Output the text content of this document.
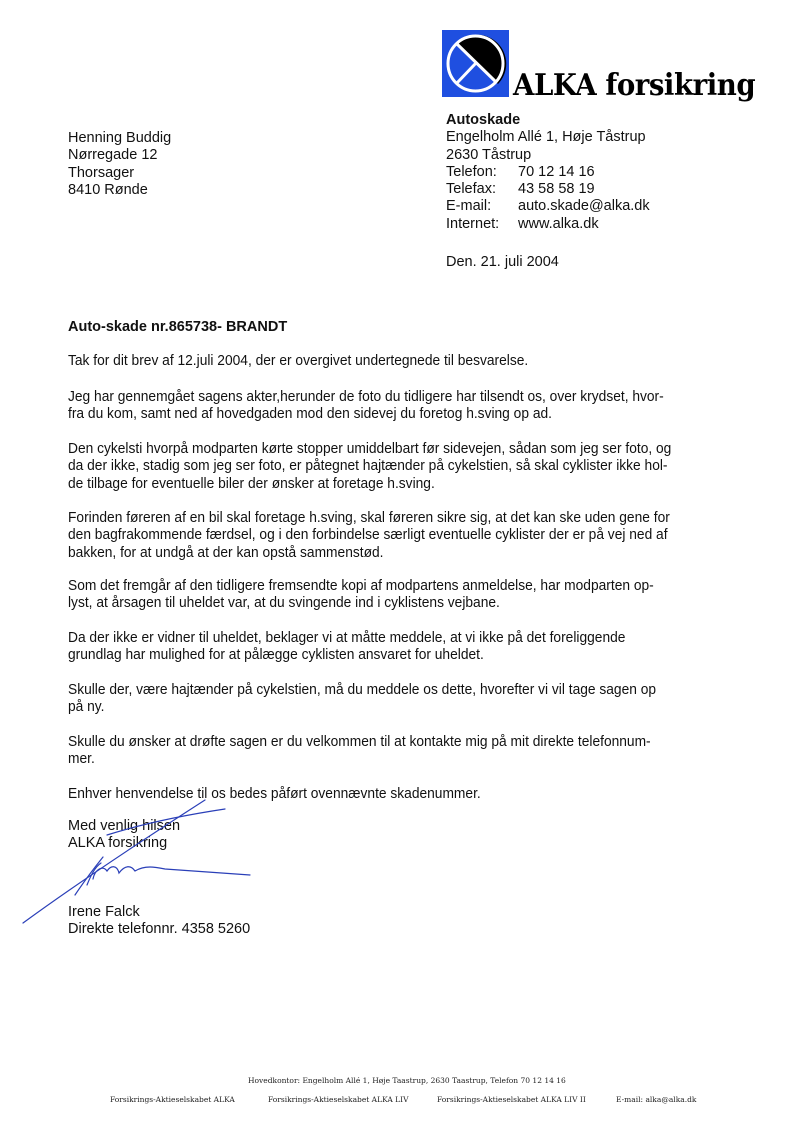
ALKA forsikring
Henning Buddig
Nørregade 12
Thorsager
8410 Rønde
Autoskade
Engelholm Allé 1, Høje Tåstrup
2630 Tåstrup
Telefon:	70 12 14 16
Telefax:	43 58 58 19
E-mail:	auto.skade@alka.dk
Internet:	www.alka.dk
Den. 21. juli 2004
Auto-skade nr.865738- BRANDT
Tak for dit brev af 12.juli 2004, der er overgivet undertegnede til besvarelse.
Jeg har gennemgået sagens akter,herunder de foto du tidligere har tilsendt os, over krydset, hvor-
fra du kom, samt ned af hovedgaden mod den sidevej du foretog h.sving op ad.
Den cykelsti hvorpå modparten kørte stopper umiddelbart før sidevejen, sådan som jeg ser foto, og
da der ikke, stadig som jeg ser foto, er påtegnet hajtænder på cykelstien, så skal cyklister ikke hol-
de tilbage for eventuelle biler der ønsker at foretage h.sving.
Forinden føreren af en bil skal foretage h.sving, skal føreren sikre sig, at det kan ske uden gene for
den bagfrakommende færdsel, og i den forbindelse særligt eventuelle cyklister der er på vej ned af
bakken, for at undgå at der kan opstå sammenstød.
Som det fremgår af den tidligere fremsendte kopi af modpartens anmeldelse, har modparten op-
lyst, at årsagen til uheldet var, at du svingende ind i cyklistens vejbane.
Da der ikke er vidner til uheldet, beklager vi at måtte meddele, at vi ikke på det foreliggende
grundlag har mulighed for at pålægge cyklisten ansvaret for uheldet.
Skulle der, være hajtænder på cykelstien, må du meddele os dette, hvorefter vi vil tage sagen op
på ny.
Skulle du ønsker at drøfte sagen er du velkommen til at kontakte mig på mit direkte telefonnum-
mer.
Enhver henvendelse til os bedes påført ovennævnte skadenummer.
Med venlig hilsen
ALKA forsikring
Irene Falck
Direkte telefonnr. 4358 5260
Hovedkontor: Engelholm Allé 1, Høje Taastrup, 2630 Taastrup, Telefon 70 12 14 16
Forsikrings-Aktieselskabet ALKA	Forsikrings-Aktieselskabet ALKA LIV	Forsikrings-Aktieselskabet ALKA LIV II	E-mail: alka@alka.dk
